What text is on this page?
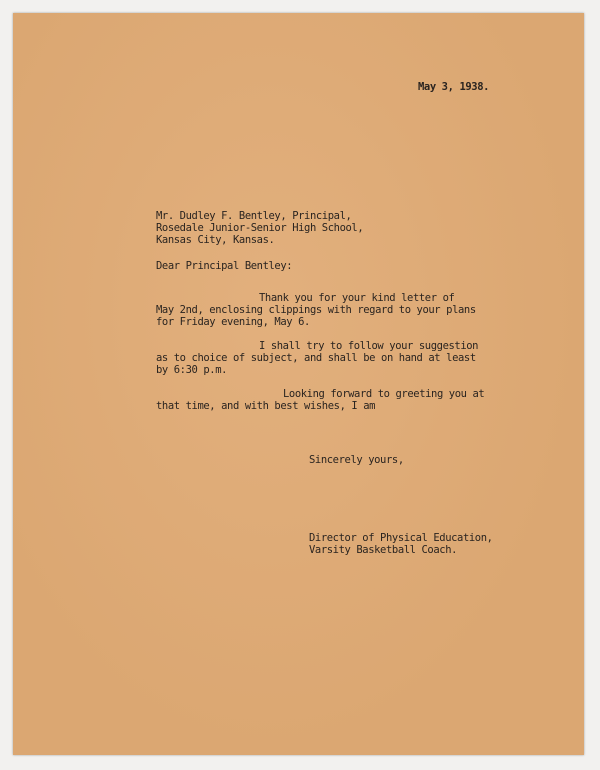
May 3, 1938.
Mr. Dudley F. Bentley, Principal,
Rosedale Junior-Senior High School,
Kansas City, Kansas.
Dear Principal Bentley:
Thank you for your kind letter of
May 2nd, enclosing clippings with regard to your plans
for Friday evening, May 6.
I shall try to follow your suggestion
as to choice of subject, and shall be on hand at least
by 6:30 p.m.
Looking forward to greeting you at
that time, and with best wishes, I am
Sincerely yours,
Director of Physical Education,
Varsity Basketball Coach.
